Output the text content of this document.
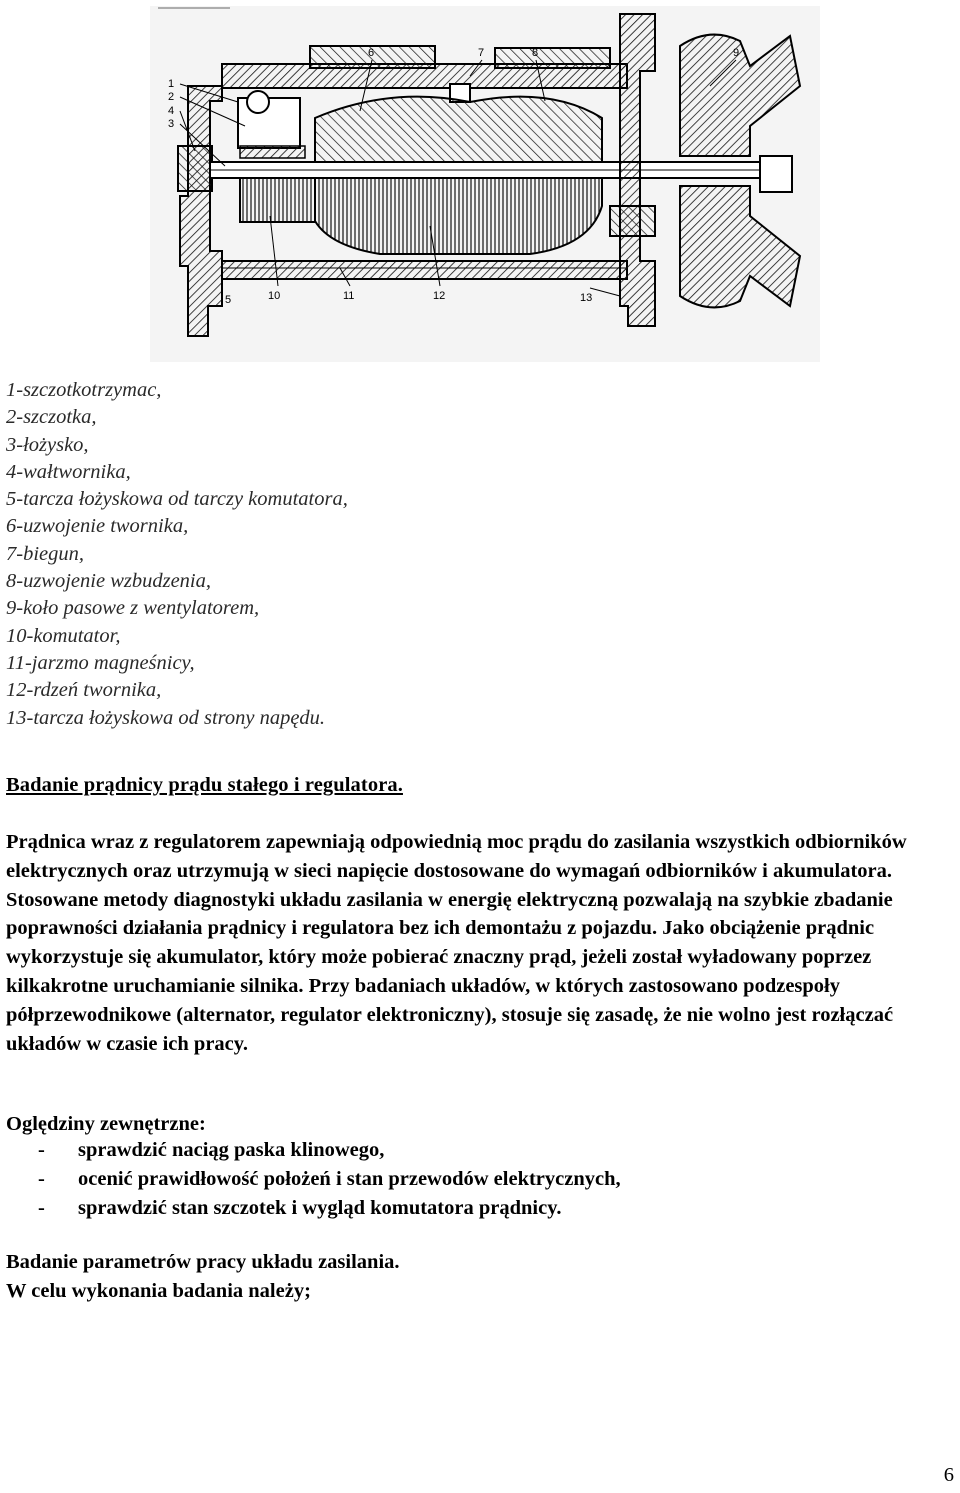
1
2
4
3
5
6	7	8	9
10	11	12	13
1-szczotkotrzymac,
2-szczotka,
3-łożysko,
4-wałtwornika,
5-tarcza łożyskowa od tarczy komutatora,
6-uzwojenie twornika,
7-biegun,
8-uzwojenie wzbudzenia,
9-koło pasowe z wentylatorem,
10-komutator,
11-jarzmo magneśnicy,
12-rdzeń twornika,
13-tarcza łożyskowa od strony napędu.
Badanie prądnicy prądu stałego i regulatora.

Prądnica wraz z regulatorem zapewniają odpowiednią moc prądu do zasilania wszystkich odbiorników elektrycznych oraz utrzymują w sieci napięcie dostosowane do wymagań odbiorników i akumulatora.

Stosowane metody diagnostyki układu zasilania w energię elektryczną pozwalają na szybkie zbadanie poprawności działania prądnicy i regulatora bez ich demontażu z pojazdu. Jako obciążenie prądnic wykorzystuje się akumulator, który może pobierać znaczny prąd, jeżeli został wyładowany poprzez kilkakrotne uruchamianie silnika. Przy badaniach układów, w których zastosowano podzespoły półprzewodnikowe (alternator, regulator elektroniczny), stosuje się zasadę, że nie wolno jest rozłączać układów w czasie ich pracy.

Oględziny zewnętrzne:
- sprawdzić naciąg paska klinowego,
- ocenić prawidłowość położeń i stan przewodów elektrycznych,
- sprawdzić stan szczotek i wygląd komutatora prądnicy.
Badanie parametrów pracy układu zasilania.
W celu wykonania badania należy;
6
